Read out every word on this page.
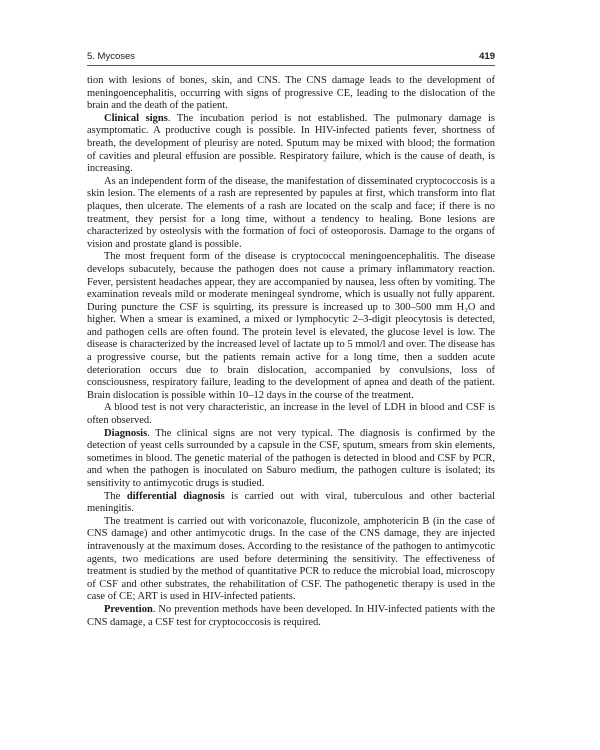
5. Mycoses	419

tion with lesions of bones, skin, and CNS. The CNS damage leads to the development of meningoencephalitis, occurring with signs of progressive CE, leading to the dislocation of the brain and the death of the patient.

Clinical signs. The incubation period is not established. The pulmonary damage is asymptomatic. A productive cough is possible. In HIV-infected patients fever, shortness of breath, the development of pleurisy are noted. Sputum may be mixed with blood; the formation of cavities and pleural effusion are possible. Respiratory failure, which is the cause of death, is increasing.

As an independent form of the disease, the manifestation of disseminated cryptococcosis is a skin lesion. The elements of a rash are represented by papules at first, which transform into flat plaques, then ulcerate. The elements of a rash are located on the scalp and face; if there is no treatment, they persist for a long time, without a tendency to healing. Bone lesions are characterized by osteolysis with the formation of foci of osteoporosis. Damage to the organs of vision and prostate gland is possible.

The most frequent form of the disease is cryptococcal meningoencephalitis. The disease develops subacutely, because the pathogen does not cause a primary inflammatory reaction. Fever, persistent headaches appear, they are accompanied by nausea, less often by vomiting. The examination reveals mild or moderate meningeal syndrome, which is usually not fully apparent. During puncture the CSF is squirting, its pressure is increased up to 300–500 mm H₂O and higher. When a smear is examined, a mixed or lymphocytic 2–3-digit pleocytosis is detected, and pathogen cells are often found. The protein level is elevated, the glucose level is low. The disease is characterized by the increased level of lactate up to 5 mmol/l and over. The disease has a progressive course, but the patients remain active for a long time, then a sudden acute deterioration occurs due to brain dislocation, accompanied by convulsions, loss of consciousness, respiratory failure, leading to the development of apnea and death of the patient. Brain dislocation is possible within 10–12 days in the course of the treatment.

A blood test is not very characteristic, an increase in the level of LDH in blood and CSF is often observed.

Diagnosis. The clinical signs are not very typical. The diagnosis is confirmed by the detection of yeast cells surrounded by a capsule in the CSF, sputum, smears from skin elements, sometimes in blood. The genetic material of the pathogen is detected in blood and CSF by PCR, and when the pathogen is inoculated on Saburo medium, the pathogen culture is isolated; its sensitivity to antimycotic drugs is studied.

The differential diagnosis is carried out with viral, tuberculous and other bacterial meningitis.

The treatment is carried out with voriconazole, fluconizole, amphotericin B (in the case of CNS damage) and other antimycotic drugs. In the case of the CNS damage, they are injected intravenously at the maximum doses. According to the resistance of the pathogen to antimycotic agents, two medications are used before determining the sensitivity. The effectiveness of treatment is studied by the method of quantitative PCR to reduce the microbial load, microscopy of CSF and other substrates, the rehabilitation of CSF. The pathogenetic therapy is used in the case of CE; ART is used in HIV-infected patients.

Prevention. No prevention methods have been developed. In HIV-infected patients with the CNS damage, a CSF test for cryptococcosis is required.
